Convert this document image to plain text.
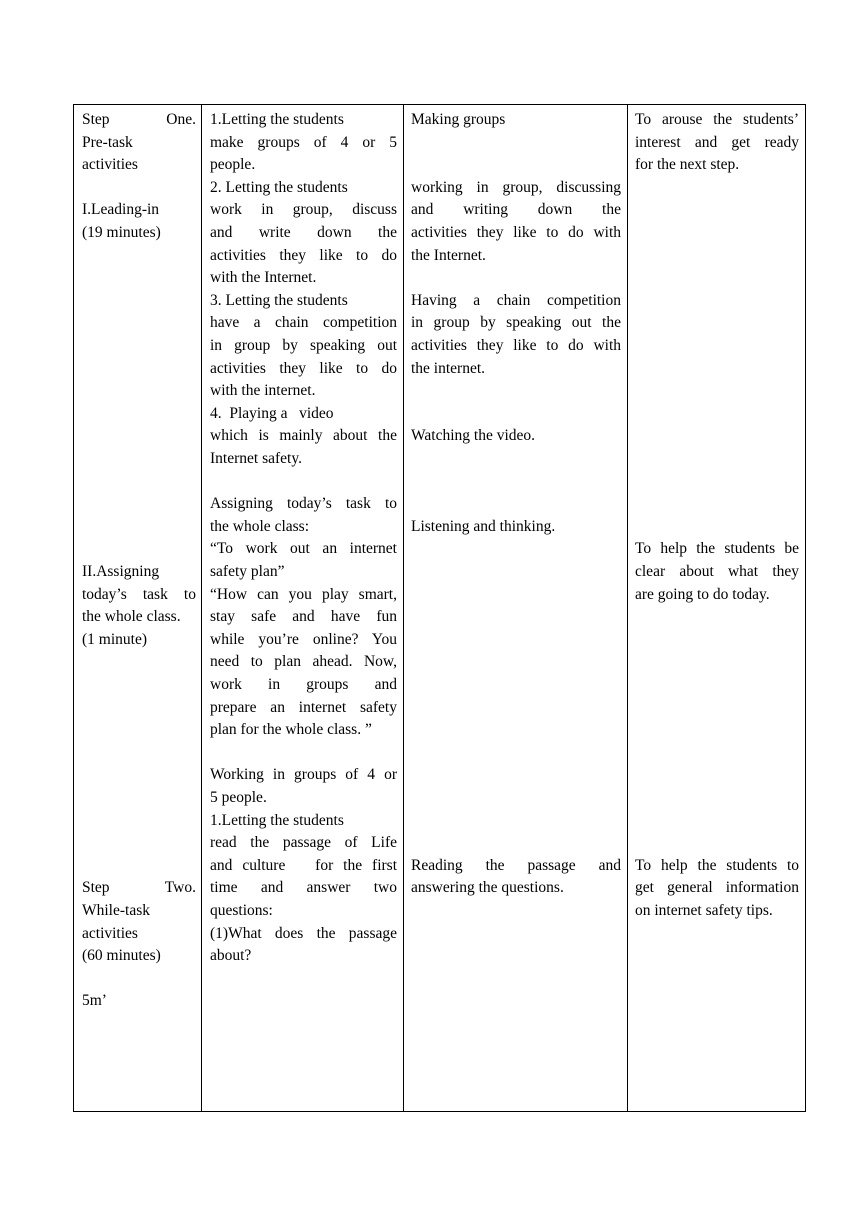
Step	One.
Pre-task
activities
I.Leading-in
(19 minutes)
II.Assigning
today’s task to
the whole class.
(1 minute)
Step	Two.
While-task
activities
(60 minutes)
5m’
1.Letting the students
make groups of 4 or 5
people.
2. Letting the students
work in group, discuss
and write down the
activities they like to do
with the Internet.
3. Letting the students
have a chain competition
in group by speaking out
activities they like to do
with the internet.
4.  Playing a   video
which is mainly about the
Internet safety.
Assigning today’s task to
the whole class:
“To work out an internet
safety plan”
“How can you play smart,
stay safe and have fun
while you’re online? You
need to plan ahead. Now,
work in groups and
prepare an internet safety
plan for the whole class. ”
Working in groups of 4 or
5 people.
1.Letting the students
read the passage of Life
and culture   for the first
time and answer two
questions:
(1)What does the passage
about?
Making groups
working in group, discussing
and writing down the
activities they like to do with
the Internet.
Having a chain competition
in group by speaking out the
activities they like to do with
the internet.
Watching the video.
Listening and thinking.
Reading the passage and
answering the questions.
To arouse the students’
interest and get ready
for the next step.
To help the students be
clear about what they
are going to do today.
To help the students to
get general information
on internet safety tips.
